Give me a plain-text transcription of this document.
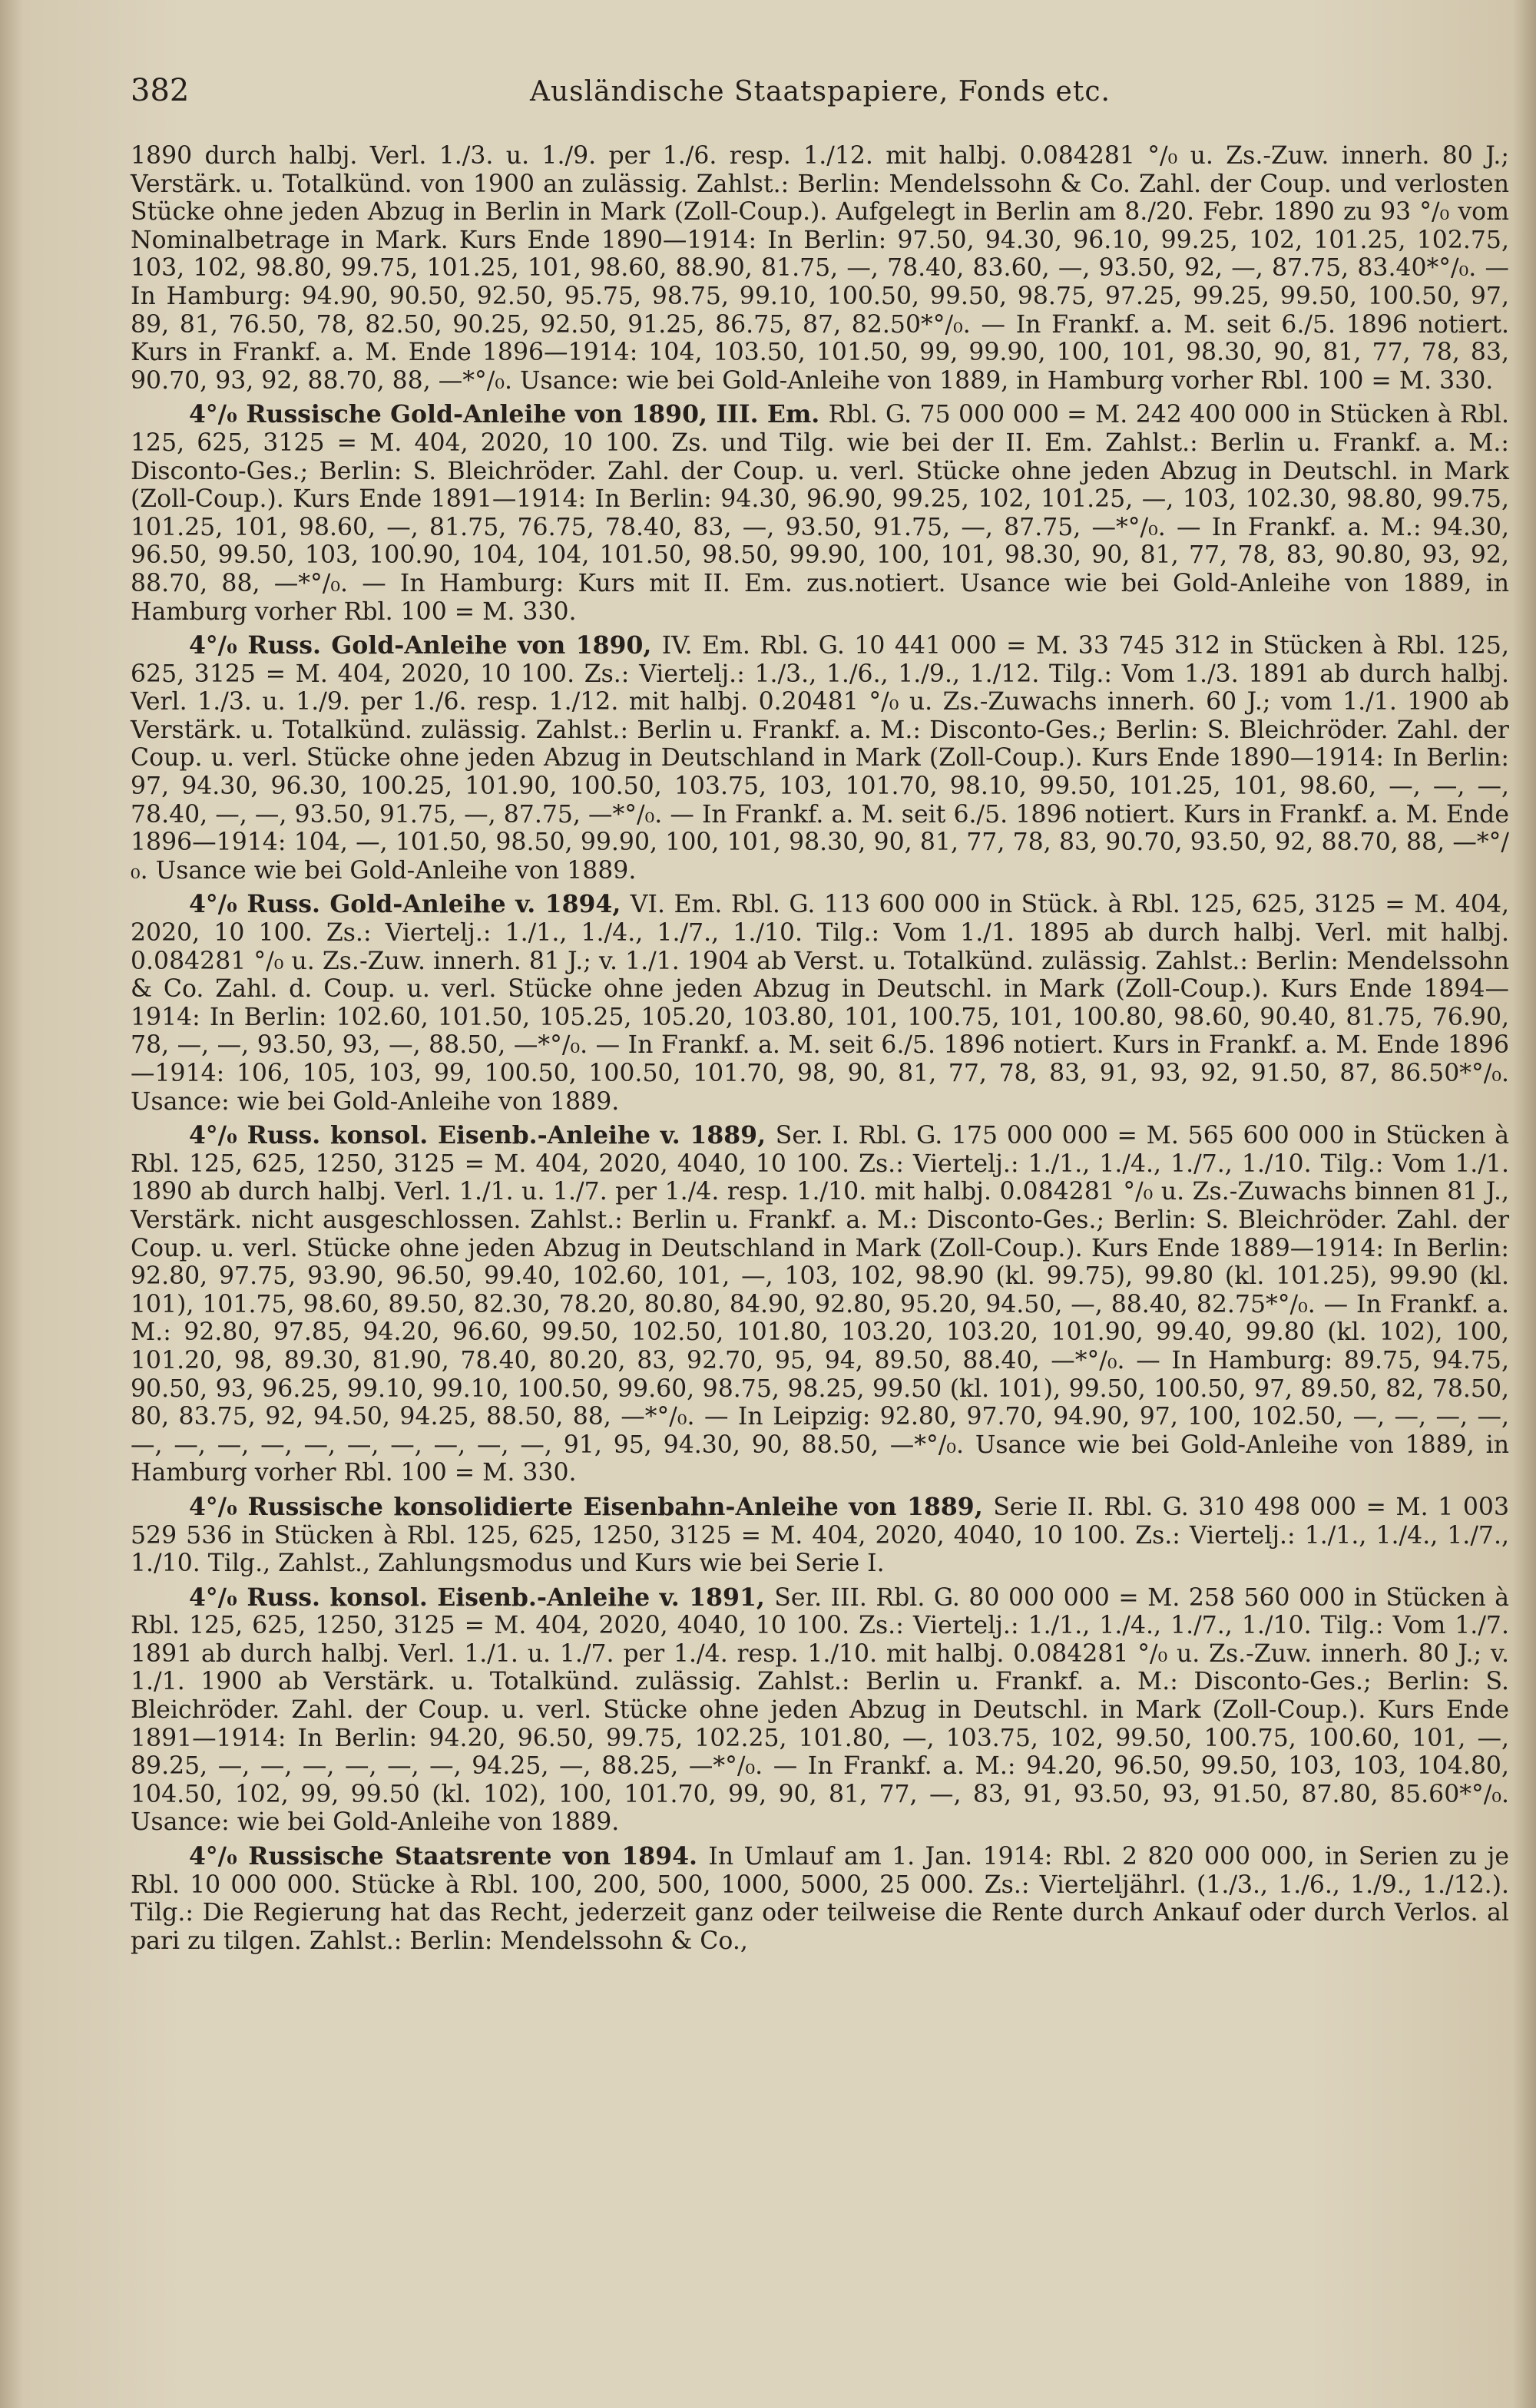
382	Ausländische Staatspapiere, Fonds etc.

1890 durch halbj. Verl. 1./3. u. 1./9. per 1./6. resp. 1./12. mit halbj. 0.084281 °/₀ u. Zs.-Zuw. innerh. 80 J.; Verstärk. u. Totalkünd. von 1900 an zulässig. Zahlst.: Berlin: Mendelssohn & Co. Zahl. der Coup. und verlosten Stücke ohne jeden Abzug in Berlin in Mark (Zoll-Coup.). Aufgelegt in Berlin am 8./20. Febr. 1890 zu 93 °/₀ vom Nominalbetrage in Mark. Kurs Ende 1890—1914: In Berlin: 97.50, 94.30, 96.10, 99.25, 102, 101.25, 102.75, 103, 102, 98.80, 99.75, 101.25, 101, 98.60, 88.90, 81.75, —, 78.40, 83.60, —, 93.50, 92, —, 87.75, 83.40*°/₀. — In Hamburg: 94.90, 90.50, 92.50, 95.75, 98.75, 99.10, 100.50, 99.50, 98.75, 97.25, 99.25, 99.50, 100.50, 97, 89, 81, 76.50, 78, 82.50, 90.25, 92.50, 91.25, 86.75, 87, 82.50*°/₀. — In Frankf. a. M. seit 6./5. 1896 notiert. Kurs in Frankf. a. M. Ende 1896—1914: 104, 103.50, 101.50, 99, 99.90, 100, 101, 98.30, 90, 81, 77, 78, 83, 90.70, 93, 92, 88.70, 88, —*°/₀. Usance: wie bei Gold-Anleihe von 1889, in Hamburg vorher Rbl. 100 = M. 330.

4°/₀ Russische Gold-Anleihe von 1890, III. Em. Rbl. G. 75 000 000 = M. 242 400 000 in Stücken à Rbl. 125, 625, 3125 = M. 404, 2020, 10 100. Zs. und Tilg. wie bei der II. Em. Zahlst.: Berlin u. Frankf. a. M.: Disconto-Ges.; Berlin: S. Bleichröder. Zahl. der Coup. u. verl. Stücke ohne jeden Abzug in Deutschl. in Mark (Zoll-Coup.). Kurs Ende 1891—1914: In Berlin: 94.30, 96.90, 99.25, 102, 101.25, —, 103, 102.30, 98.80, 99.75, 101.25, 101, 98.60, —, 81.75, 76.75, 78.40, 83, —, 93.50, 91.75, —, 87.75, —*°/₀. — In Frankf. a. M.: 94.30, 96.50, 99.50, 103, 100.90, 104, 104, 101.50, 98.50, 99.90, 100, 101, 98.30, 90, 81, 77, 78, 83, 90.80, 93, 92, 88.70, 88, —*°/₀. — In Hamburg: Kurs mit II. Em. zus.notiert. Usance wie bei Gold-Anleihe von 1889, in Hamburg vorher Rbl. 100 = M. 330.

4°/₀ Russ. Gold-Anleihe von 1890, IV. Em. Rbl. G. 10 441 000 = M. 33 745 312 in Stücken à Rbl. 125, 625, 3125 = M. 404, 2020, 10 100. Zs.: Viertelj.: 1./3., 1./6., 1./9., 1./12. Tilg.: Vom 1./3. 1891 ab durch halbj. Verl. 1./3. u. 1./9. per 1./6. resp. 1./12. mit halbj. 0.20481 °/₀ u. Zs.-Zuwachs innerh. 60 J.; vom 1./1. 1900 ab Verstärk. u. Totalkünd. zulässig. Zahlst.: Berlin u. Frankf. a. M.: Disconto-Ges.; Berlin: S. Bleichröder. Zahl. der Coup. u. verl. Stücke ohne jeden Abzug in Deutschland in Mark (Zoll-Coup.). Kurs Ende 1890—1914: In Berlin: 97, 94.30, 96.30, 100.25, 101.90, 100.50, 103.75, 103, 101.70, 98.10, 99.50, 101.25, 101, 98.60, —, —, —, 78.40, —, —, 93.50, 91.75, —, 87.75, —*°/₀. — In Frankf. a. M. seit 6./5. 1896 notiert. Kurs in Frankf. a. M. Ende 1896—1914: 104, —, 101.50, 98.50, 99.90, 100, 101, 98.30, 90, 81, 77, 78, 83, 90.70, 93.50, 92, 88.70, 88, —*°/₀. Usance wie bei Gold-Anleihe von 1889.

4°/₀ Russ. Gold-Anleihe v. 1894, VI. Em. Rbl. G. 113 600 000 in Stück. à Rbl. 125, 625, 3125 = M. 404, 2020, 10 100. Zs.: Viertelj.: 1./1., 1./4., 1./7., 1./10. Tilg.: Vom 1./1. 1895 ab durch halbj. Verl. mit halbj. 0.084281 °/₀ u. Zs.-Zuw. innerh. 81 J.; v. 1./1. 1904 ab Verst. u. Totalkünd. zulässig. Zahlst.: Berlin: Mendelssohn & Co. Zahl. d. Coup. u. verl. Stücke ohne jeden Abzug in Deutschl. in Mark (Zoll-Coup.). Kurs Ende 1894—1914: In Berlin: 102.60, 101.50, 105.25, 105.20, 103.80, 101, 100.75, 101, 100.80, 98.60, 90.40, 81.75, 76.90, 78, —, —, 93.50, 93, —, 88.50, —*°/₀. — In Frankf. a. M. seit 6./5. 1896 notiert. Kurs in Frankf. a. M. Ende 1896—1914: 106, 105, 103, 99, 100.50, 100.50, 101.70, 98, 90, 81, 77, 78, 83, 91, 93, 92, 91.50, 87, 86.50*°/₀. Usance: wie bei Gold-Anleihe von 1889.

4°/₀ Russ. konsol. Eisenb.-Anleihe v. 1889, Ser. I. Rbl. G. 175 000 000 = M. 565 600 000 in Stücken à Rbl. 125, 625, 1250, 3125 = M. 404, 2020, 4040, 10 100. Zs.: Viertelj.: 1./1., 1./4., 1./7., 1./10. Tilg.: Vom 1./1. 1890 ab durch halbj. Verl. 1./1. u. 1./7. per 1./4. resp. 1./10. mit halbj. 0.084281 °/₀ u. Zs.-Zuwachs binnen 81 J., Verstärk. nicht ausgeschlossen. Zahlst.: Berlin u. Frankf. a. M.: Disconto-Ges.; Berlin: S. Bleichröder. Zahl. der Coup. u. verl. Stücke ohne jeden Abzug in Deutschland in Mark (Zoll-Coup.). Kurs Ende 1889—1914: In Berlin: 92.80, 97.75, 93.90, 96.50, 99.40, 102.60, 101, —, 103, 102, 98.90 (kl. 99.75), 99.80 (kl. 101.25), 99.90 (kl. 101), 101.75, 98.60, 89.50, 82.30, 78.20, 80.80, 84.90, 92.80, 95.20, 94.50, —, 88.40, 82.75*°/₀. — In Frankf. a. M.: 92.80, 97.85, 94.20, 96.60, 99.50, 102.50, 101.80, 103.20, 103.20, 101.90, 99.40, 99.80 (kl. 102), 100, 101.20, 98, 89.30, 81.90, 78.40, 80.20, 83, 92.70, 95, 94, 89.50, 88.40, —*°/₀. — In Hamburg: 89.75, 94.75, 90.50, 93, 96.25, 99.10, 99.10, 100.50, 99.60, 98.75, 98.25, 99.50 (kl. 101), 99.50, 100.50, 97, 89.50, 82, 78.50, 80, 83.75, 92, 94.50, 94.25, 88.50, 88, —*°/₀. — In Leipzig: 92.80, 97.70, 94.90, 97, 100, 102.50, —, —, —, —, —, —, —, —, —, —, —, —, —, —, 91, 95, 94.30, 90, 88.50, —*°/₀. Usance wie bei Gold-Anleihe von 1889, in Hamburg vorher Rbl. 100 = M. 330.

4°/₀ Russische konsolidierte Eisenbahn-Anleihe von 1889, Serie II. Rbl. G. 310 498 000 = M. 1 003 529 536 in Stücken à Rbl. 125, 625, 1250, 3125 = M. 404, 2020, 4040, 10 100. Zs.: Viertelj.: 1./1., 1./4., 1./7., 1./10. Tilg., Zahlst., Zahlungsmodus und Kurs wie bei Serie I.

4°/₀ Russ. konsol. Eisenb.-Anleihe v. 1891, Ser. III. Rbl. G. 80 000 000 = M. 258 560 000 in Stücken à Rbl. 125, 625, 1250, 3125 = M. 404, 2020, 4040, 10 100. Zs.: Viertelj.: 1./1., 1./4., 1./7., 1./10. Tilg.: Vom 1./7. 1891 ab durch halbj. Verl. 1./1. u. 1./7. per 1./4. resp. 1./10. mit halbj. 0.084281 °/₀ u. Zs.-Zuw. innerh. 80 J.; v. 1./1. 1900 ab Verstärk. u. Totalkünd. zulässig. Zahlst.: Berlin u. Frankf. a. M.: Disconto-Ges.; Berlin: S. Bleichröder. Zahl. der Coup. u. verl. Stücke ohne jeden Abzug in Deutschl. in Mark (Zoll-Coup.). Kurs Ende 1891—1914: In Berlin: 94.20, 96.50, 99.75, 102.25, 101.80, —, 103.75, 102, 99.50, 100.75, 100.60, 101, —, 89.25, —, —, —, —, —, —, 94.25, —, 88.25, —*°/₀. — In Frankf. a. M.: 94.20, 96.50, 99.50, 103, 103, 104.80, 104.50, 102, 99, 99.50 (kl. 102), 100, 101.70, 99, 90, 81, 77, —, 83, 91, 93.50, 93, 91.50, 87.80, 85.60*°/₀. Usance: wie bei Gold-Anleihe von 1889.

4°/₀ Russische Staatsrente von 1894. In Umlauf am 1. Jan. 1914: Rbl. 2 820 000 000, in Serien zu je Rbl. 10 000 000. Stücke à Rbl. 100, 200, 500, 1000, 5000, 25 000. Zs.: Vierteljährl. (1./3., 1./6., 1./9., 1./12.). Tilg.: Die Regierung hat das Recht, jederzeit ganz oder teilweise die Rente durch Ankauf oder durch Verlos. al pari zu tilgen. Zahlst.: Berlin: Mendelssohn & Co.,
